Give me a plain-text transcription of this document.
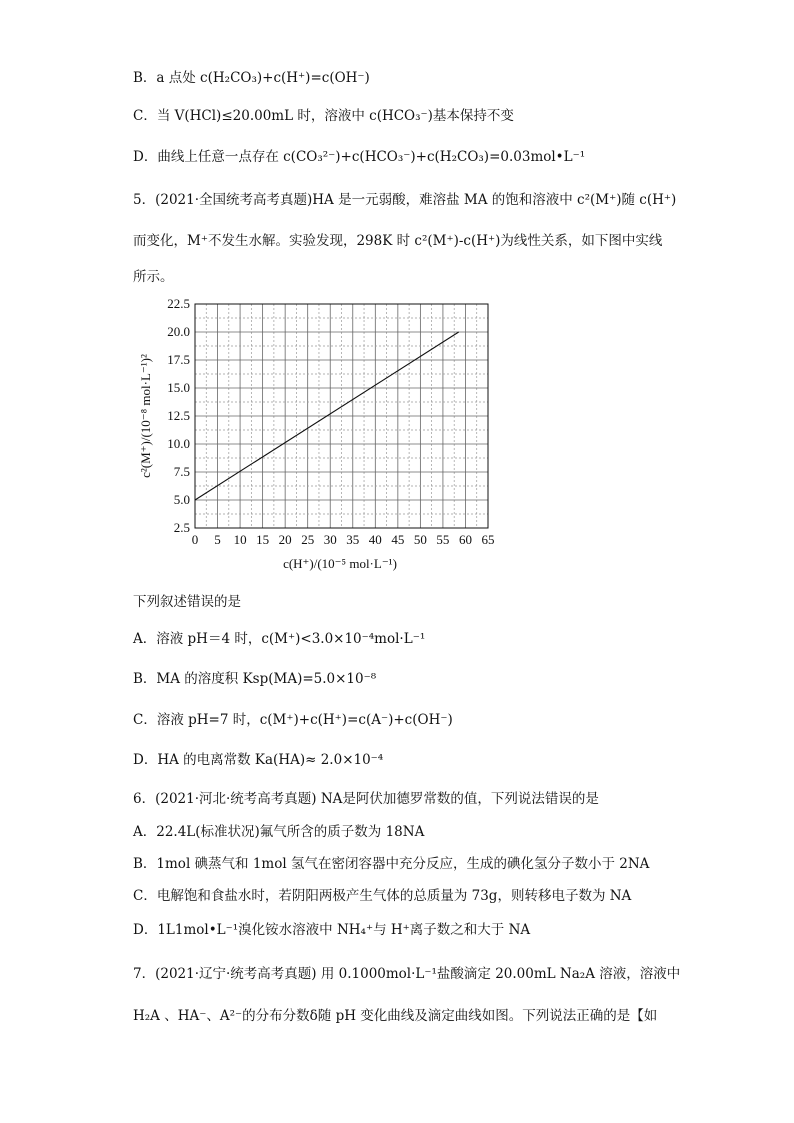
B．a 点处 c(H₂CO₃)+c(H⁺)=c(OH⁻)
C．当 V(HCl)≤20.00mL 时，溶液中 c(HCO₃⁻)基本保持不变
D．曲线上任意一点存在 c(CO₃²⁻)+c(HCO₃⁻)+c(H₂CO₃)=0.03mol•L⁻¹
5．(2021·全国统考高考真题)HA 是一元弱酸，难溶盐 MA 的饱和溶液中 c²(M⁺)随 c(H⁺)
而变化，M⁺不发生水解。实验发现，298K 时 c²(M⁺)-c(H⁺)为线性关系，如下图中实线
所示。
0 5 10 15 20 25 30 35 40 45 50 55 60 65
2.5
5.0
7.5
10.0
12.5
15.0
17.5
20.0
22.5
c(H⁺)/(10⁻⁵ mol·L⁻¹)
c²(M⁺)/(10⁻⁸ mol·L⁻¹)²
下列叙述错误的是
A．溶液 pH＝4 时，c(M⁺)<3.0×10⁻⁴mol·L⁻¹
B．MA 的溶度积 Ksp(MA)=5.0×10⁻⁸
C．溶液 pH=7 时，c(M⁺)+c(H⁺)=c(A⁻)+c(OH⁻)
D．HA 的电离常数 Ka(HA)≈ 2.0×10⁻⁴
6．(2021·河北·统考高考真题) NA是阿伏加德罗常数的值，下列说法错误的是
A．22.4L(标准状况)氟气所含的质子数为 18NA
B．1mol 碘蒸气和 1mol 氢气在密闭容器中充分反应，生成的碘化氢分子数小于 2NA
C．电解饱和食盐水时，若阴阳两极产生气体的总质量为 73g，则转移电子数为 NA
D．1L1mol•L⁻¹溴化铵水溶液中 NH₄⁺与 H⁺离子数之和大于 NA
7．(2021·辽宁·统考高考真题) 用 0.1000mol·L⁻¹盐酸滴定 20.00mL Na₂A 溶液，溶液中
H₂A 、HA⁻、A²⁻的分布分数δ随 pH 变化曲线及滴定曲线如图。下列说法正确的是【如
